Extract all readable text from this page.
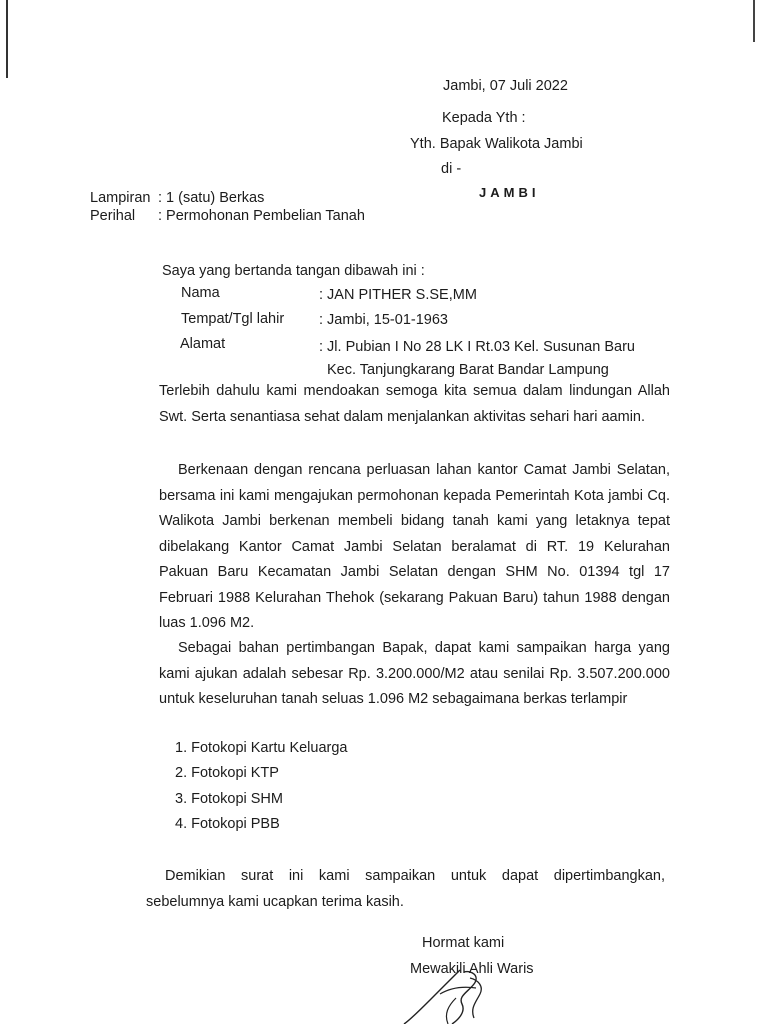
Jambi, 07 Juli 2022
Kepada Yth :
Yth. Bapak Walikota Jambi
di -
JAMBI
Lampiran : 1 (satu) Berkas
Perihal : Permohonan Pembelian Tanah
Saya yang bertanda tangan dibawah ini :
Nama	: JAN PITHER S.SE,MM
Tempat/Tgl lahir : Jambi, 15-01-1963
Alamat	: Jl. Pubian I No 28 LK I Rt.03 Kel. Susunan Baru
Kec. Tanjungkarang Barat Bandar Lampung
Terlebih dahulu kami mendoakan semoga kita semua dalam lindungan Allah Swt. Serta senantiasa sehat dalam menjalankan aktivitas sehari hari aamin.
Berkenaan dengan rencana perluasan lahan kantor Camat Jambi Selatan, bersama ini kami mengajukan permohonan kepada Pemerintah Kota jambi Cq. Walikota Jambi berkenan membeli bidang tanah kami yang letaknya tepat dibelakang Kantor Camat Jambi Selatan beralamat di RT. 19 Kelurahan Pakuan Baru Kecamatan Jambi Selatan dengan SHM No. 01394 tgl 17 Februari 1988 Kelurahan Thehok (sekarang Pakuan Baru) tahun 1988 dengan luas 1.096 M2.
Sebagai bahan pertimbangan Bapak, dapat kami sampaikan harga yang kami ajukan adalah sebesar Rp. 3.200.000/M2 atau senilai Rp. 3.507.200.000 untuk keseluruhan tanah seluas 1.096 M2 sebagaimana berkas terlampir
1. Fotokopi Kartu Keluarga
2. Fotokopi KTP
3. Fotokopi SHM
4. Fotokopi PBB
Demikian surat ini kami sampaikan untuk dapat dipertimbangkan, sebelumnya kami ucapkan terima kasih.
Hormat kami
Mewakili Ahli Waris
